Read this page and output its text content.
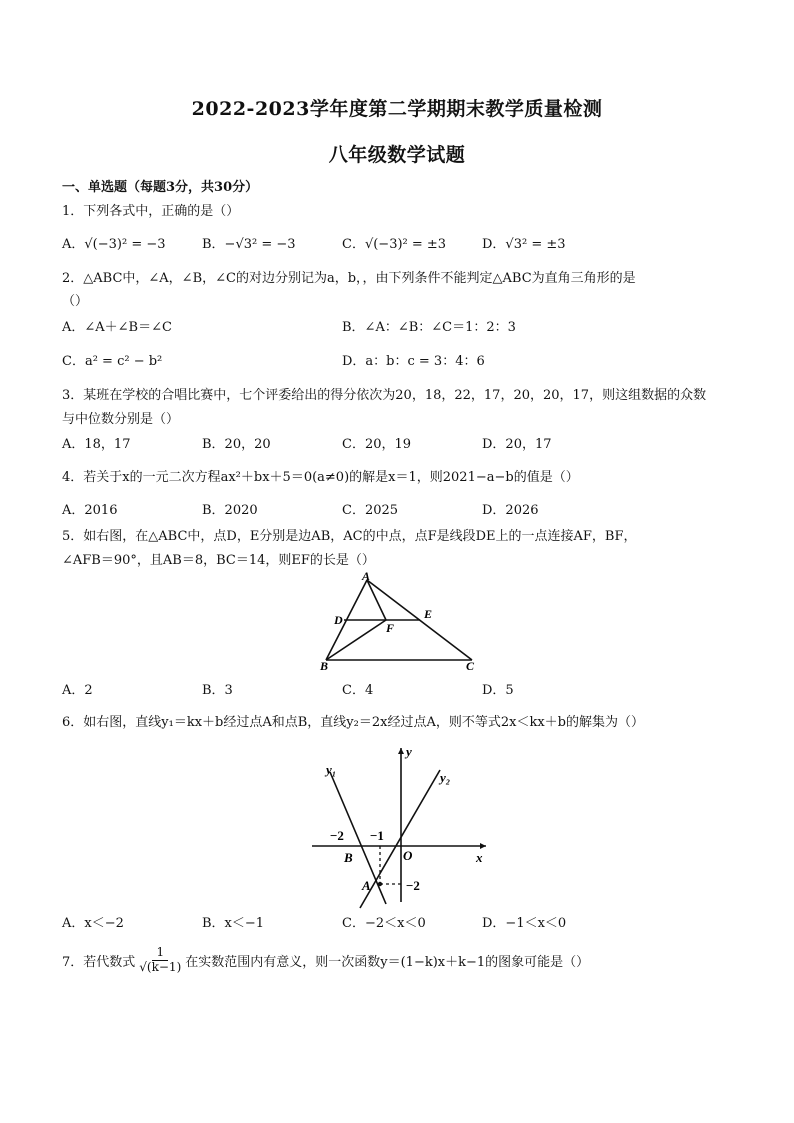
2022-2023学年度第二学期期末教学质量检测
八年级数学试题
一、单选题（每题3分，共30分）
1．下列各式中，正确的是（）
A．√(−3)² = −3	B．−√3² = −3	C．√(−3)² = ±3	D．√3² = ±3
2．△ABC中，∠A，∠B，∠C的对边分别记为a，b，，由下列条件不能判定△ABC为直角三角形的是
（）
A．∠A＋∠B＝∠C	B．∠A：∠B：∠C＝1：2：3
C．a² = c² − b²	D．a：b：c = 3：4：6
3．某班在学校的合唱比赛中，七个评委给出的得分依次为20，18，22，17，20，20，17，则这组数据的众数
与中位数分别是（）
A．18，17	B．20，20	C．20，19	D．20，17
4．若关于x的一元二次方程ax²＋bx＋5＝0(a≠0)的解是x＝1，则2021−a−b的值是（）
A．2016	B．2020	C．2025	D．2026
5．如右图，在△ABC中，点D，E分别是边AB，AC的中点，点F是线段DE上的一点连接AF，BF，
∠AFB＝90°，且AB＝8，BC＝14，则EF的长是（）
A
D	E
F
B	C
A．2	B．3	C．4	D．5
6．如右图，直线y₁＝kx＋b经过点A和点B，直线y₂＝2x经过点A，则不等式2x＜kx＋b的解集为（）
y
x
y₁
y₂
−2 −1
O
B
A	−2
A．x＜−2	B．x＜−1	C．−2＜x＜0	D．−1＜x＜0
7．若代数式 $\frac{1}{√(k-1)}$ 在实数范围内有意义，则一次函数y＝(1−k)x＋k−1的图象可能是（）
